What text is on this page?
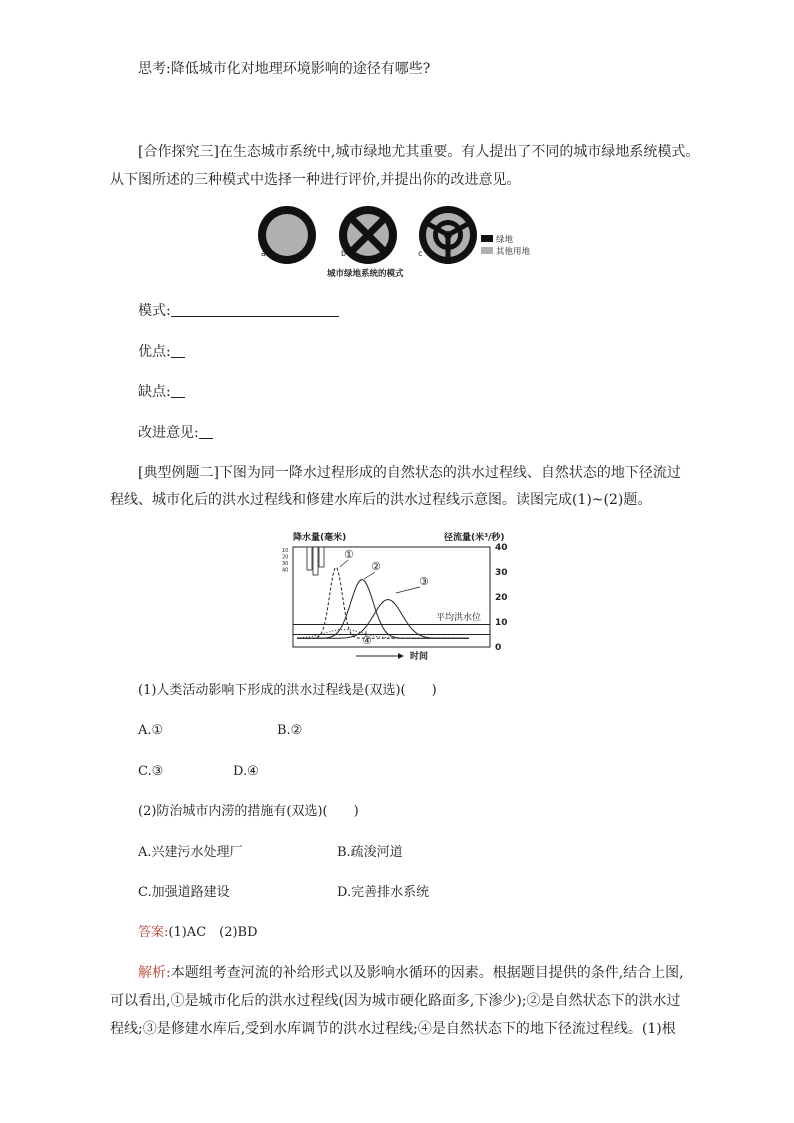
思考:降低城市化对地理环境影响的途径有哪些?
[合作探究三]在生态城市系统中,城市绿地尤其重要。有人提出了不同的城市绿地系统模式。
从下图所述的三种模式中选择一种进行评价,并提出你的改进意见。
a	b	c
绿地
其他用地
城市绿地系统的模式
模式:
优点:
缺点:
改进意见:
[典型例题二]下图为同一降水过程形成的自然状态的洪水过程线、自然状态的地下径流过
程线、城市化后的洪水过程线和修建水库后的洪水过程线示意图。读图完成(1)~(2)题。
降水量(毫米)	径流量(米³/秒)
10
20
30
40
0
10
20
30
40
平均洪水位
①
②
③
④
时间
(1)人类活动影响下形成的洪水过程线是(双选)(　　)
A.①	B.②
C.③	D.④
(2)防治城市内涝的措施有(双选)(　　)
A.兴建污水处理厂	B.疏浚河道
C.加强道路建设	D.完善排水系统
答案:(1)AC　(2)BD
解析:本题组考查河流的补给形式以及影响水循环的因素。根据题目提供的条件,结合上图,
可以看出,①是城市化后的洪水过程线(因为城市硬化路面多,下渗少);②是自然状态下的洪水过
程线;③是修建水库后,受到水库调节的洪水过程线;④是自然状态下的地下径流过程线。(1)根
